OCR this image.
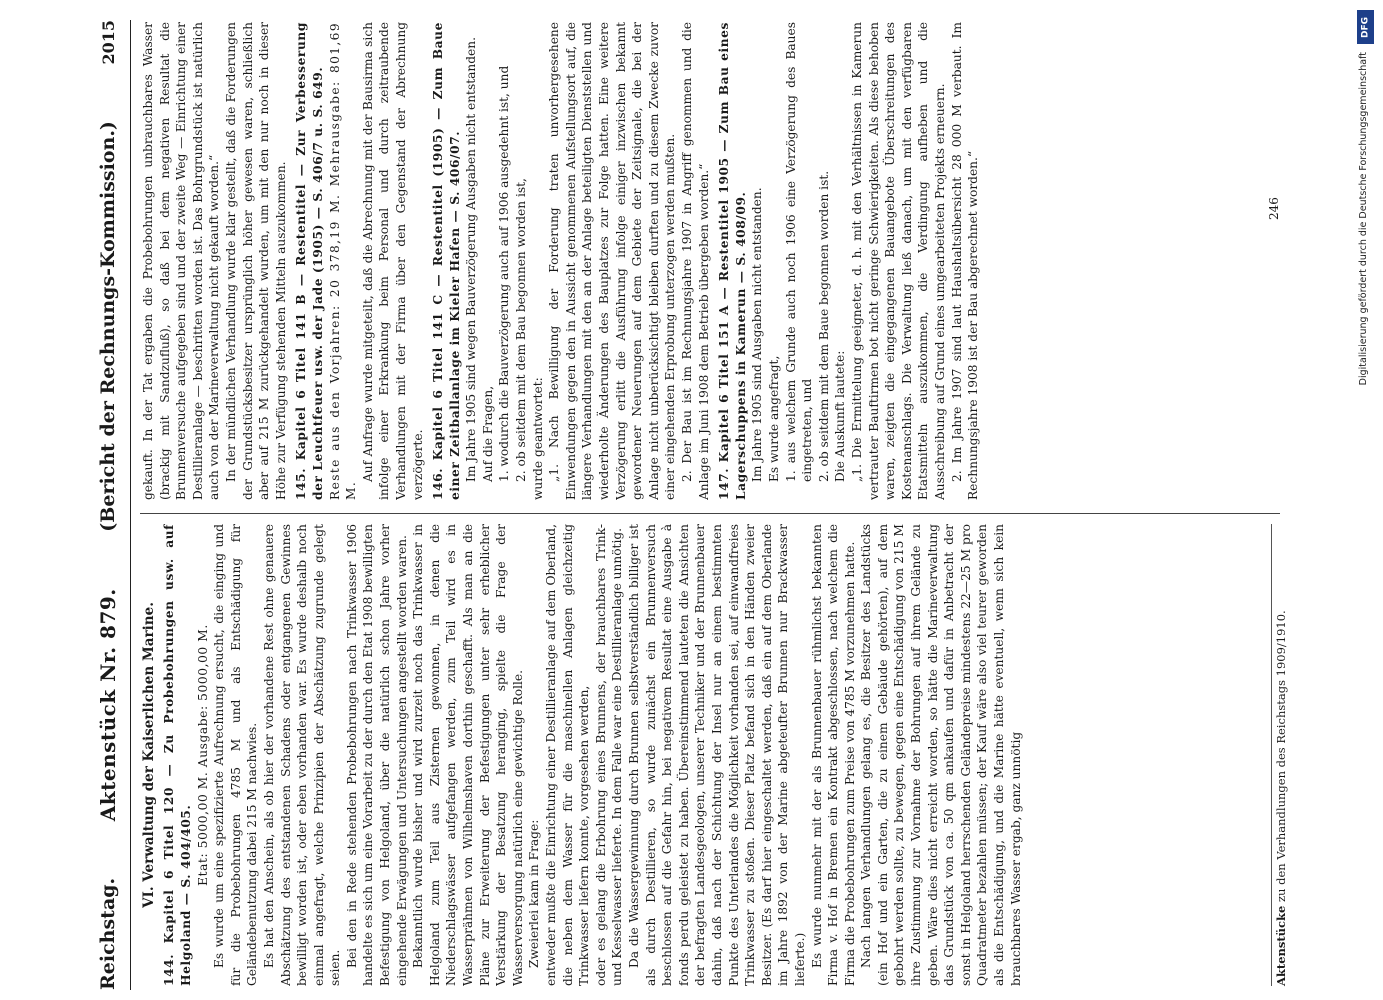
Reichstag.
Aktenstück Nr. 879.
(Bericht der Rechnungs-Kommission.)
2015

VI. Verwaltung der Kaiserlichen Marine. 144. Kapitel 6 Titel 120 — Zu Probebohrungen usw. auf Helgoland — S. 404/405.

Etat: 5000,00 M. Ausgabe: 5000,00 M. Es wurde um eine spezifizierte Aufrechnung ersucht, die einging und für die Probebohrungen 4785 M und als Entschädigung für Geländebenutzung dabei 215 M nachwies. Es hat den Anschein, als ob hier der vorhandene Rest ohne genauere Abschätzung des entstandenen Schadens oder entgangenen Gewinnes bewilligt worden ist, oder eben vorhanden war. Es wurde deshalb noch einmal angefragt, welche Prinzipien der Abschätzung zugrunde gelegt seien. Bei den in Rede stehenden Probebohrungen nach Trinkwasser 1906 handelte es sich um eine Vorarbeit zu der durch den Etat 1908 bewilligten Befestigung von Helgoland, über die natürlich schon Jahre vorher eingehende Erwägungen und Untersuchungen angestellt worden waren. Bekanntlich wurde bisher und wird zurzeit noch das Trinkwasser in Helgoland zum Teil aus Zisternen gewonnen, in denen die Niederschlagswässer aufgefangen werden, zum Teil wird es in Wasserprähmen von Wilhelmshaven dorthin geschafft. Als man an die Pläne zur Erweiterung der Befestigungen unter sehr erheblicher Verstärkung der Besatzung heranging, spielte die Frage der Wasserversorgung natürlich eine gewichtige Rolle. Zweierlei kam in Frage: entweder mußte die Einrichtung einer Destillieranlage auf dem Oberland, die neben dem Wasser für die maschinellen Anlagen gleichzeitig Trinkwasser liefern konnte, vorgesehen werden, oder es gelang die Erbohrung eines Brunnens, der brauchbares Trink- und Kesselwasser lieferte. In dem Falle war eine Destillieranlage unnötig. Da die Wassergewinnung durch Brunnen selbstverständlich billiger ist als durch Destillieren, so wurde zunächst ein Brunnenversuch beschlossen auf die Gefahr hin, bei negativem Resultat eine Ausgabe à fonds perdu geleistet zu haben. Übereinstimmend lauteten die Ansichten der befragten Landesgeologen, unserer Techniker und der Brunnenbauer dahin, daß nach der Schichtung der Insel nur an einem bestimmten Punkte des Unterlandes die Möglichkeit vorhanden sei, auf einwandfreies Trinkwasser zu stoßen. Dieser Platz befand sich in den Händen zweier Besitzer. (Es darf hier eingeschaltet werden, daß ein auf dem Oberlande im Jahre 1892 von der Marine abgeteufter Brunnen nur Brackwasser lieferte.) Es wurde nunmehr mit der als Brunnenbauer rühmlichst bekannten Firma v. Hof in Bremen ein Kontrakt abgeschlossen, nach welchem die Firma die Probebohrungen zum Preise von 4785 M vorzunehmen hatte. Nach langen Verhandlungen gelang es, die Besitzer des Landstücks (ein Hof und ein Garten, die zu einem Gebäude gehörten), auf dem gebohrt werden sollte, zu bewegen, gegen eine Entschädigung von 215 M ihre Zustimmung zur Vornahme der Bohrungen auf ihrem Gelände zu geben. Wäre dies nicht erreicht worden, so hätte die Marineverwaltung das Grundstück von ca. 50 qm ankaufen und dafür in Anbetracht der sonst in Helgoland herrschenden Geländepreise mindestens 22—25 M pro Quadratmeter bezahlen müssen; der Kauf wäre also viel teurer geworden als die Entschädigung, und die Marine hätte eventuell, wenn sich kein brauchbares Wasser ergab, ganz unnötig

gekauft. In der Tat ergaben die Probebohrungen unbrauchbares Wasser (brackig mit Sandzufluß), so daß bei dem negativen Resultat die Brunnenversuche aufgegeben sind und der zweite Weg — Einrichtung einer Destillieranlage — beschritten worden ist. Das Bohrgrundstück ist natürlich auch von der Marineverwaltung nicht gekauft worden.“ In der mündlichen Verhandlung wurde klar gestellt, daß die Forderungen der Grundstücksbesitzer ursprünglich höher gewesen waren, schließlich aber auf 215 M zurückgehandelt wurden, um mit den nur noch in dieser Höhe zur Verfügung stehenden Mitteln auszukommen. 145. Kapitel 6 Titel 141 B — Restentitel — Zur Verbesserung der Leuchtfeuer usw. der Jade (1905) — S. 406/7 u. S. 649. Reste aus den Vorjahren: 20 378,19 M. Mehrausgabe: 801,69 M.

Auf Anfrage wurde mitgeteilt, daß die Abrechnung mit der Bausirma sich infolge einer Erkrankung beim Personal und durch zeitraubende Verhandlungen mit der Firma über den Gegenstand der Abrechnung verzögerte. 146. Kapitel 6 Titel 141 C — Restentitel (1905) — Zum Baue einer Zeitballanlage im Kieler Hafen — S. 406/07. Im Jahre 1905 sind wegen Bauverzögerung Ausgaben nicht entstanden. Auf die Fragen, 1. wodurch die Bauverzögerung auch auf 1906 ausgedehnt ist, und 2. ob seitdem mit dem Bau begonnen worden ist, wurde geantwortet: „1. Nach Bewilligung der Forderung traten unvorhergesehene Einwendungen gegen den in Aussicht genommenen Aufstellungsort auf, die längere Verhandlungen mit den an der Anlage beteiligten Dienststellen und wiederholte Änderungen des Bauplatzes zur Folge hatten. Eine weitere Verzögerung erlitt die Ausführung infolge einiger inzwischen bekannt gewordener Neuerungen auf dem Gebiete der Zeitsignale, die bei der Anlage nicht unberücksichtigt bleiben durften und zu diesem Zwecke zuvor einer eingehenden Erprobung unterzogen werden mußten. 2. Der Bau ist im Rechnungsjahre 1907 in Angriff genommen und die Anlage im Juni 1908 dem Betrieb übergeben worden.“ 147. Kapitel 6 Titel 151 A — Restentitel 1905 — Zum Bau eines Lagerschuppens in Kamerun — S. 408/09. Im Jahre 1905 sind Ausgaben nicht entstanden. Es wurde angefragt, 1. aus welchem Grunde auch noch 1906 eine Verzögerung des Baues eingetreten, und 2. ob seitdem mit dem Baue begonnen worden ist. Die Auskunft lautete: „1. Die Ermittelung geeigneter, d. h. mit den Verhältnissen in Kamerun vertrauter Bauftirmen bot nicht geringe Schwierigkeiten. Als diese behoben waren, zeigten die eingegangenen Bauangebote Überschreitungen des Kostenanschlags. Die Verwaltung ließ danach, um mit den verfügbaren Etatsmitteln auszukommen, die Verdingung aufheben und die Ausschreibung auf Grund eines umgearbeiteten Projekts erneuern. 2. Im Jahre 1907 sind laut Haushaltsübersicht 28 000 M verbaut. Im Rechnungsjahre 1908 ist der Bau abgerechnet worden.“

Aktenstücke zu den Verhandlungen des Reichstags 1909/1910.
246
DFG
Digitalisierung gefördert durch die Deutsche Forschungsgemeinschaft
